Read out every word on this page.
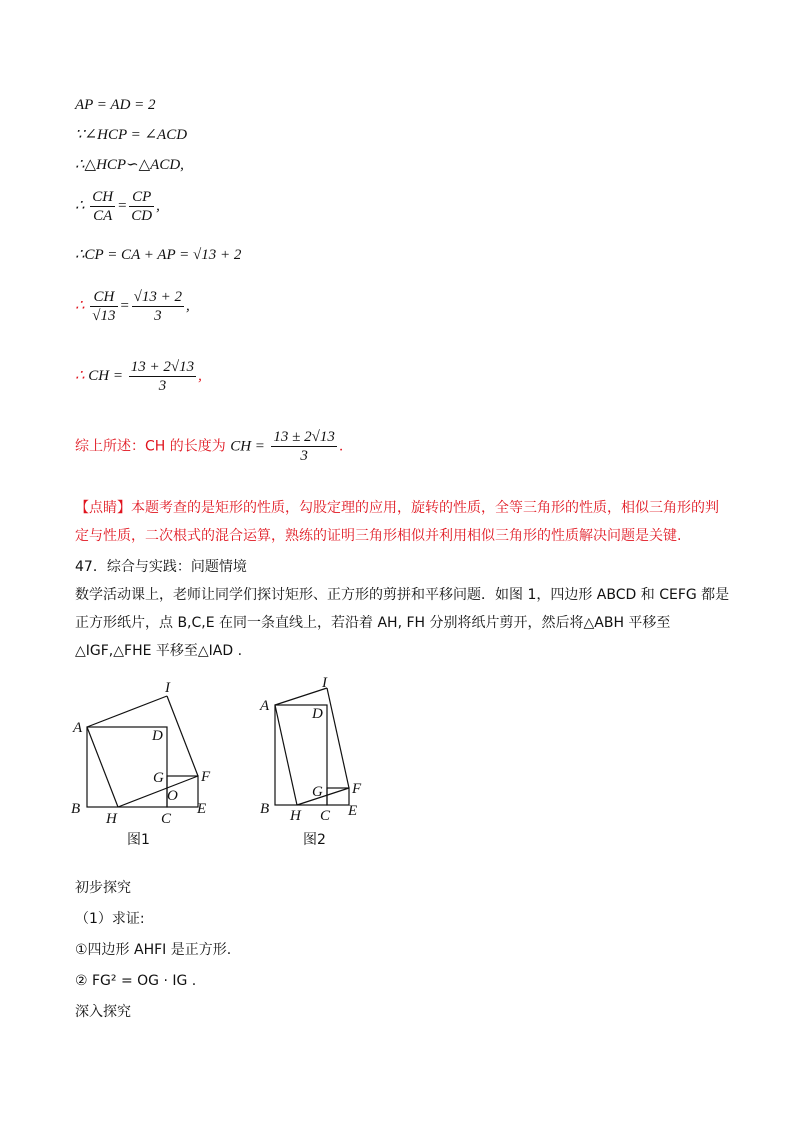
AP = AD = 2
∵∠HCP = ∠ACD
∴△HCP∽△ACD,
∴ $\frac{CH}{CA} = \frac{CP}{CD}$ ,
∴CP = CA + AP = √13 + 2
∴ $\frac{CH}{√13} = \frac{√13 + 2}{3}$ ,
∴ CH = $\frac{13 + 2√13}{3}$ ,
综上所述：CH 的长度为 CH = $\frac{13 \pm 2√13}{3}$ .
【点睛】本题考查的是矩形的性质，勾股定理的应用，旋转的性质，全等三角形的性质，相似三角形的判
定与性质，二次根式的混合运算，熟练的证明三角形相似并利用相似三角形的性质解决问题是关键.
47．综合与实践：问题情境
数学活动课上，老师让同学们探讨矩形、正方形的剪拼和平移问题．如图 1，四边形 ABCD 和 CEFG 都是
正方形纸片，点 B,C,E 在同一条直线上，若沿着 AH, FH 分别将纸片剪开，然后将△ABH 平移至
△IGF,△FHE 平移至△IAD .
I
A	D
G F
O
B	E
H	C
图1
I
A	D
G F
B	E
H C
图2
初步探究
（1）求证:
①四边形 AHFI 是正方形.
② FG² = OG · IG .
深入探究
